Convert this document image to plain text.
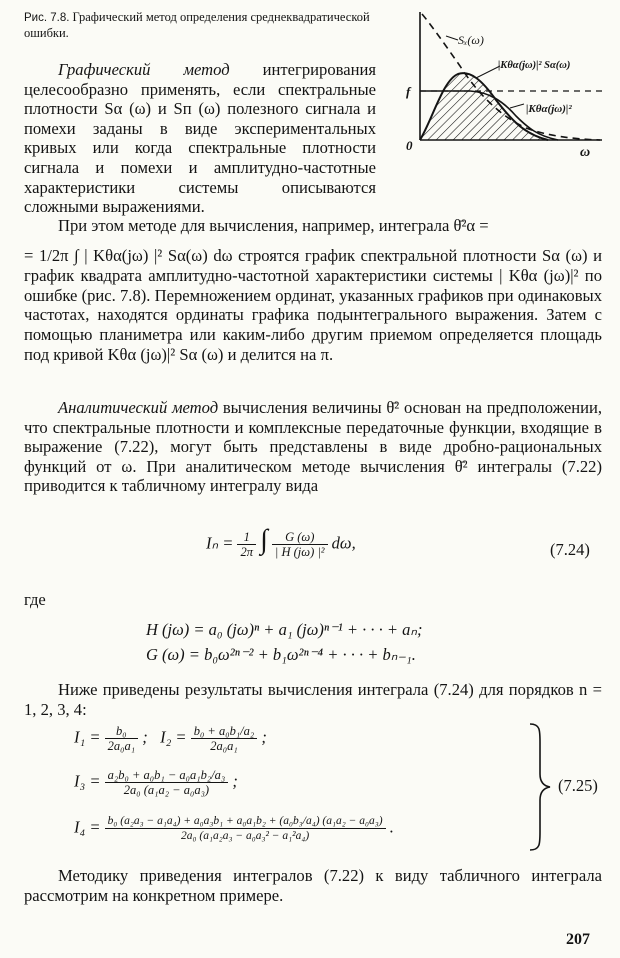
Рис. 7.8. Графический метод определения среднеквадратической ошибки.	Sₓ(ω)
|Kθα(jω)|² Sα(ω)
|Kθα(jω)|²
f
0	ω
Графический метод интегрирования целесообразно применять, если спектральные плотности Sα (ω) и Sп (ω) полезного сигнала и помехи заданы в виде экспериментальных кривых или когда спектральные плотности сигнала и помехи и амплитудно-частотные характеристики системы описываются сложными выражениями.
При этом методе для вычисления, например, интеграла θ̄²α =
= 1/2π ∫ | Kθα(jω) |² Sα(ω) dω строятся график спектральной плотности Sα (ω) и график квадрата амплитудно-частотной характеристики системы | Kθα (jω)|² по ошибке (рис. 7.8). Перемножением ординат, указанных графиков при одинаковых частотах, находятся ординаты графика подынтегрального выражения. Затем с помощью планиметра или каким-либо другим приемом определяется площадь под кривой Kθα (jω)|² Sα (ω) и делится на π.
Аналитический метод вычисления величины θ̄² основан на предположении, что спектральные плотности и комплексные передаточные функции, входящие в выражение (7.22), могут быть представлены в виде дробно-рациональных функций от ω. При аналитическом методе вычисления θ̄² интегралы (7.22) приводится к табличному интегралу вида
$I_n = \frac{1}{2\pi}$ ∫ $\frac{G (\omega)}{\text{| H (jω) |²}} d\omega$,	(7.24)
где
H (jω) = a₀ (jω)ⁿ + a₁ (jω)ⁿ⁻¹ + · · · + aₙ;
G (ω) = b₀ω²ⁿ⁻² + b₁ω²ⁿ⁻⁴ + · · · + bₙ₋₁.
Ниже приведены результаты вычисления интеграла (7.24) для порядков n = 1, 2, 3, 4:
$I_1 = \frac{\text{b₀}}{\text{2a₀a₁}}$ ;   $I_2 = \frac{\text{b₀ + a₀b₁/a₂}}{\text{2a₀a₁}}$ ;
$I_3 = \frac{\text{a₂b₀ + a₀b₁ − a₀a₁b₂/a₃}}{\text{2a₀ (a₁a₂ − a₀a₃)}}$ ;
$I_4 = \frac{\text{b₀ (a₂a₃ − a₁a₄) + a₀a₃b₁ + a₀a₁b₂ + (a₀b₃/a₄) (a₁a₂ − a₀a₃)}}{\text{2a₀ (a₁a₂a₃ − a₀a₃² − a₁²a₄)}}$ .
(7.25)
Методику приведения интегралов (7.22) к виду табличного интеграла рассмотрим на конкретном примере.
207
